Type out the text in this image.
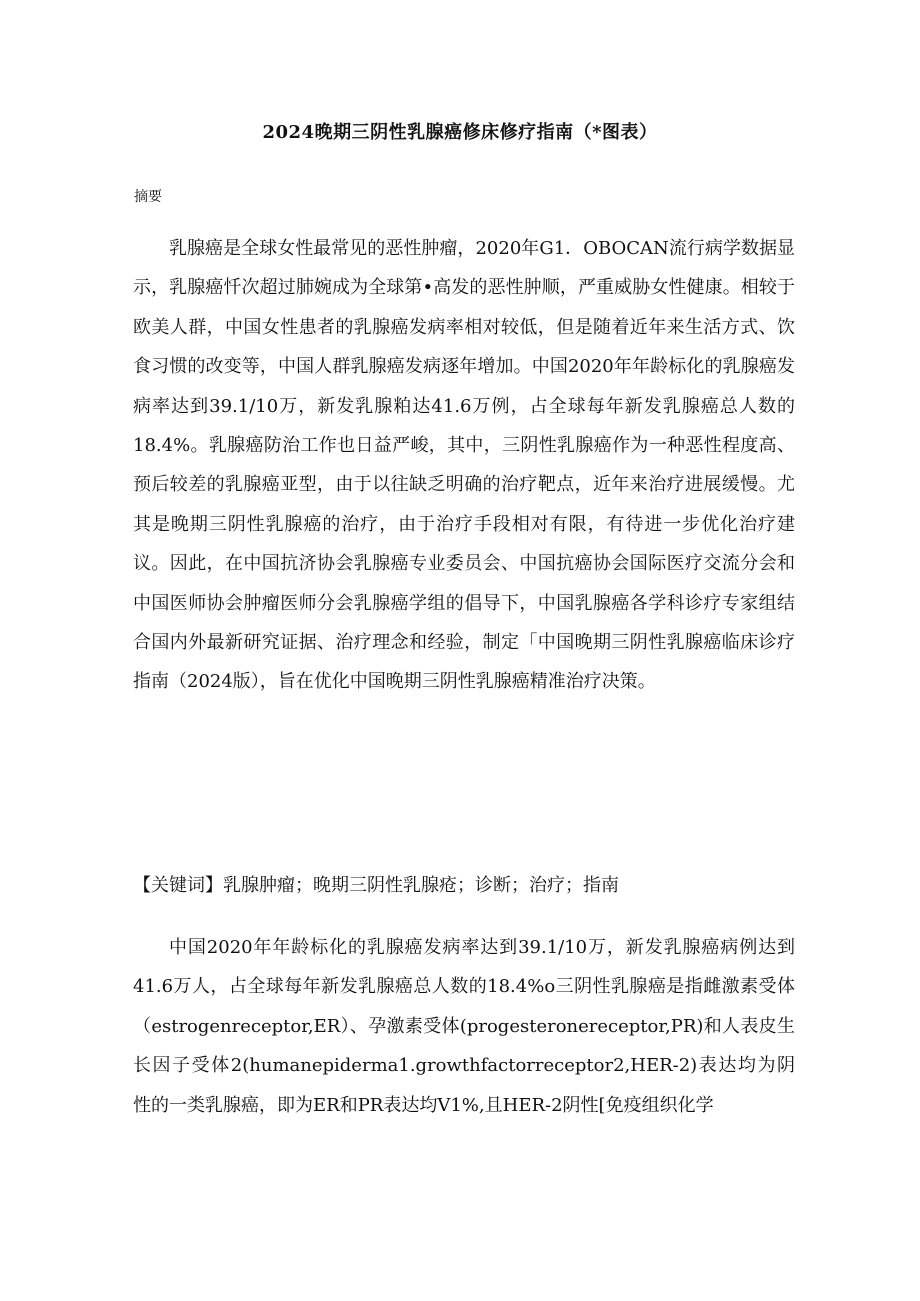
2024晚期三阴性乳腺癌修床修疗指南（*图表）
摘要

乳腺癌是全球女性最常见的恶性肿瘤，2020年G1．OBOCAN流行病学数据显示，乳腺癌忏次超过肺婉成为全球第•高发的恶性肿顺，严重威胁女性健康。相较于欧美人群，中国女性患者的乳腺癌发病率相对较低，但是随着近年来生活方式、饮食习惯的改变等，中国人群乳腺癌发病逐年增加。中国2020年年龄标化的乳腺癌发病率达到39.1/10万，新发乳腺粕达41.6万例，占全球每年新发乳腺癌总人数的18.4%。乳腺癌防治工作也日益严峻，其中，三阴性乳腺癌作为一种恶性程度高、预后较差的乳腺癌亚型，由于以往缺乏明确的治疗靶点，近年来治疗进展缓慢。尤其是晚期三阴性乳腺癌的治疗，由于治疗手段相对有限，有待进一步优化治疗建议。因此，在中国抗济协会乳腺癌专业委员会、中国抗癌协会国际医疗交流分会和中国医师协会肿瘤医师分会乳腺癌学组的倡导下，中国乳腺癌各学科诊疗专家组结合国内外最新研究证据、治疗理念和经验，制定「中国晚期三阴性乳腺癌临床诊疗指南（2024版），旨在优化中国晚期三阴性乳腺癌精准治疗决策。

【关键词】乳腺肿瘤；晚期三阴性乳腺疮；诊断；治疗；指南

中国2020年年龄标化的乳腺癌发病率达到39.1/10万，新发乳腺癌病例达到41.6万人，占全球每年新发乳腺癌总人数的18.4%o三阴性乳腺癌是指雌激素受体（estrogenreceptor,ER）、孕激素受体(progesteronereceptor,PR)和人表皮生长因子受体2(humanepiderma1.growthfactorreceptor2,HER-2)表达均为阴性的一类乳腺癌，即为ER和PR表达均V1%,且HER-2阴性[免疫组织化学
